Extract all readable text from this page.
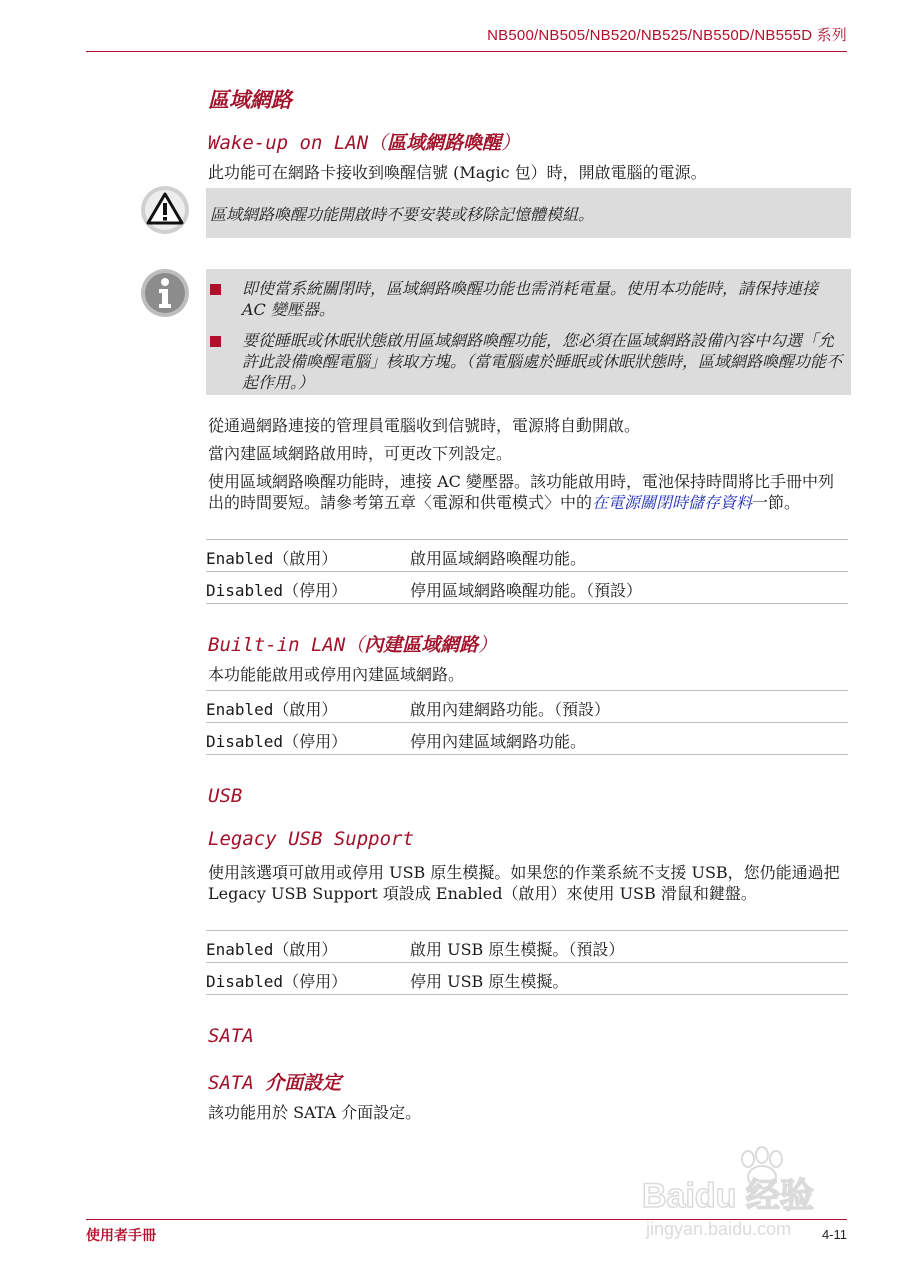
NB500/NB505/NB520/NB525/NB550D/NB555D 系列
區域網路
Wake-up on LAN（區域網路喚醒）
此功能可在網路卡接收到喚醒信號 (Magic 包）時，開啟電腦的電源。
區域網路喚醒功能開啟時不要安裝或移除記憶體模組。
即使當系統關閉時，區域網路喚醒功能也需消耗電量。使用本功能時，請保持連接 AC 變壓器。
要從睡眠或休眠狀態啟用區域網路喚醒功能，您必須在區域網路設備內容中勾選「允許此設備喚醒電腦」核取方塊。（當電腦處於睡眠或休眠狀態時，區域網路喚醒功能不起作用。）
從通過網路連接的管理員電腦收到信號時，電源將自動開啟。
當內建區域網路啟用時，可更改下列設定。
使用區域網路喚醒功能時，連接 AC 變壓器。該功能啟用時，電池保持時間將比手冊中列出的時間要短。請參考第五章〈電源和供電模式〉中的在電源關閉時儲存資料一節。
Enabled（啟用）	啟用區域網路喚醒功能。
Disabled（停用）	停用區域網路喚醒功能。（預設）
Built-in LAN（內建區域網路）
本功能能啟用或停用內建區域網路。
Enabled（啟用）	啟用內建網路功能。（預設）
Disabled（停用）	停用內建區域網路功能。
USB
Legacy USB Support
使用該選項可啟用或停用 USB 原生模擬。如果您的作業系統不支援 USB，您仍能通過把 Legacy USB Support 項設成 Enabled（啟用）來使用 USB 滑鼠和鍵盤。
Enabled（啟用）	啟用 USB 原生模擬。（預設）
Disabled（停用）	停用 USB 原生模擬。
SATA
SATA 介面設定
該功能用於 SATA 介面設定。
Baidu 经验
jingyan.baidu.com
使用者手冊	4-11
